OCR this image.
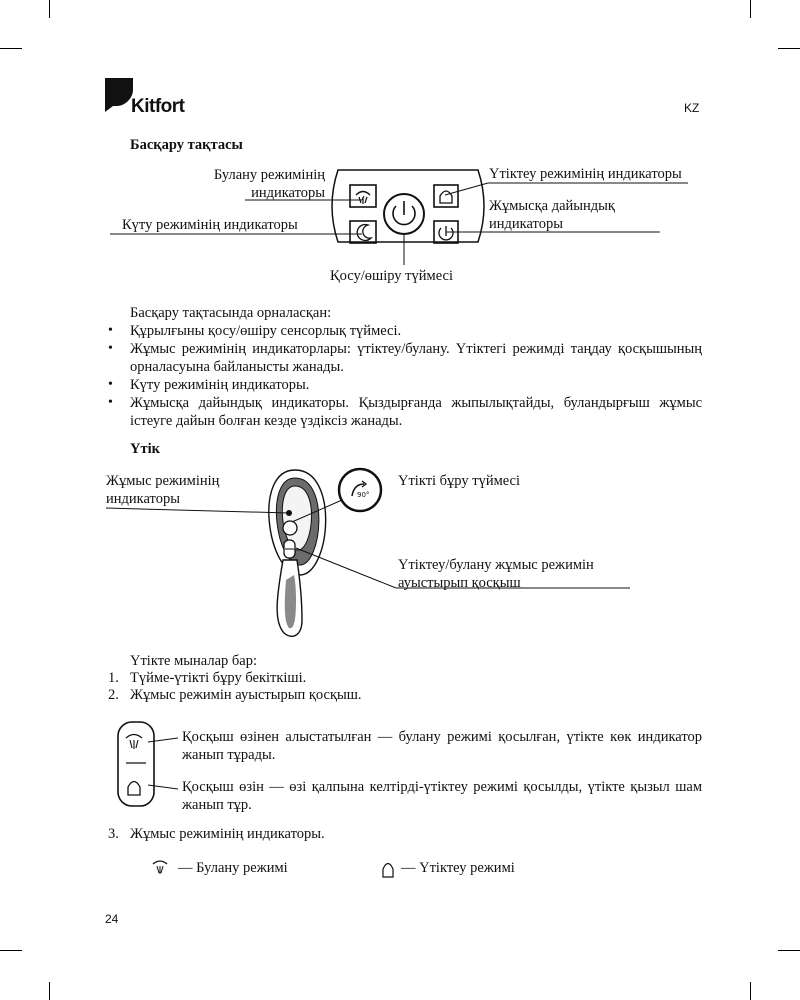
Kitfort	KZ
Басқару тақтасы
Булану режимінің индикаторы
Күту режимінің индикаторы
Үтіктеу режимінің индикаторы
Жұмысқа дайындық индикаторы
Қосу/өшіру түймесі
Басқару тақтасында орналасқан:
• Құрылғыны қосу/өшіру сенсорлық түймесі.
• Жұмыс режимінің индикаторлары: үтіктеу/булану. Үтіктегі режимді таңдау қосқышының орналасуына байланысты жанады.
• Күту режимінің индикаторы.
• Жұмысқа дайындық индикаторы. Қыздырғанда жыпылықтайды, буландырғыш жұмыс істеуге дайын болған кезде үздіксіз жанады.
Үтік
90°
Жұмыс режимінің индикаторы
Үтікті бұру түймесі
Үтіктеу/булану жұмыс режимін ауыстырып қосқыш
Үтікте мыналар бар:
1. Түйме-үтікті бұру бекіткіші.
2. Жұмыс режимін ауыстырып қосқыш.
Қосқыш өзінен алыстатылған — булану режимі қосылған, үтікте көк индикатор жанып тұрады.
Қосқыш өзін — өзі қалпына келтірді-үтіктеу режимі қосылды, үтікте қызыл шам жанып тұр.
3. Жұмыс режимінің индикаторы.
— Булану режимі	— Үтіктеу режимі
24
